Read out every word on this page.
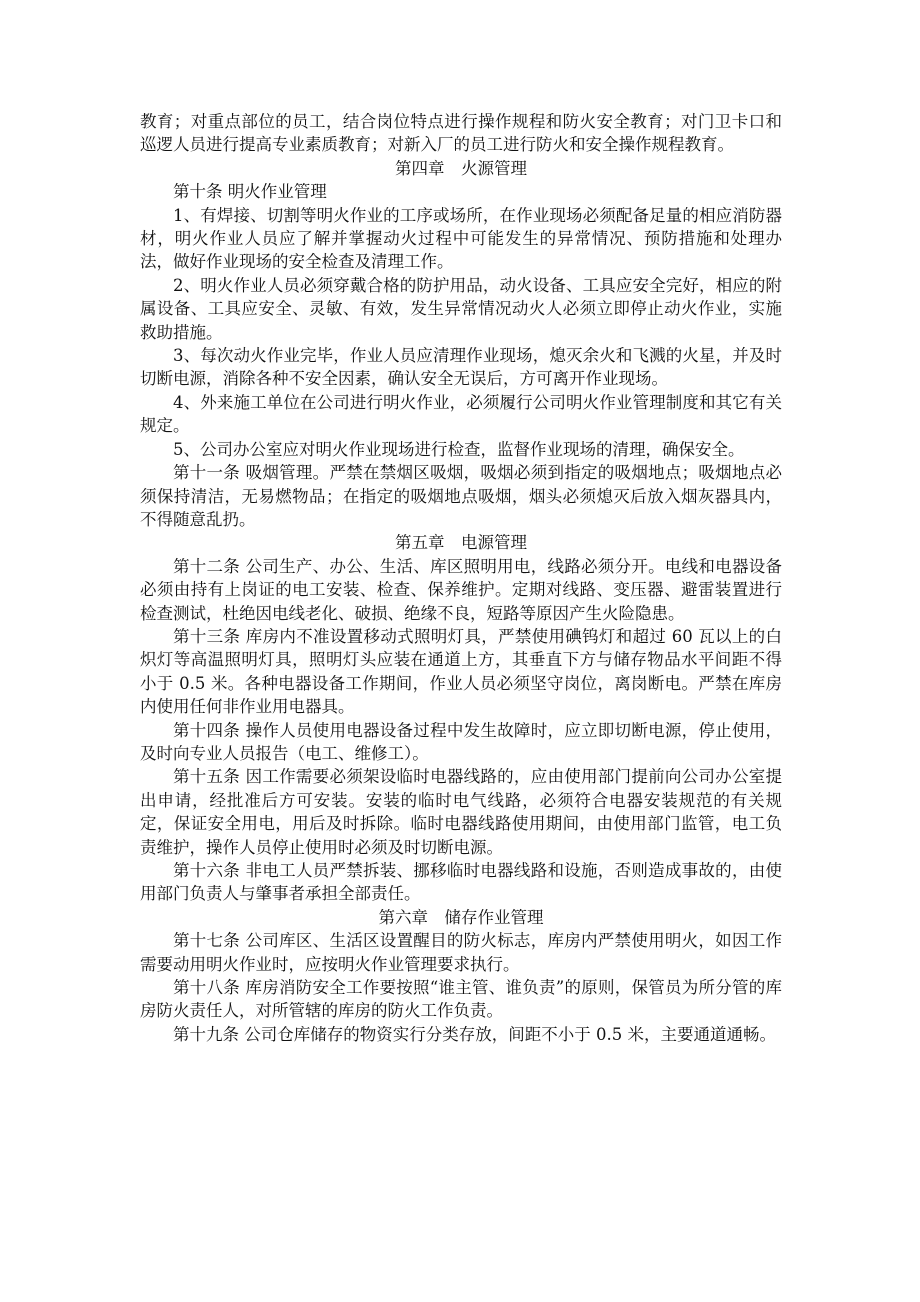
教育；对重点部位的员工，结合岗位特点进行操作规程和防火安全教育；对门卫卡口和巡逻人员进行提高专业素质教育；对新入厂的员工进行防火和安全操作规程教育。

第四章　火源管理

第十条 明火作业管理

1、有焊接、切割等明火作业的工序或场所，在作业现场必须配备足量的相应消防器材，明火作业人员应了解并掌握动火过程中可能发生的异常情况、预防措施和处理办法，做好作业现场的安全检查及清理工作。

2、明火作业人员必须穿戴合格的防护用品，动火设备、工具应安全完好，相应的附属设备、工具应安全、灵敏、有效，发生异常情况动火人必须立即停止动火作业，实施救助措施。

3、每次动火作业完毕，作业人员应清理作业现场，熄灭余火和飞溅的火星，并及时切断电源，消除各种不安全因素，确认安全无误后，方可离开作业现场。

4、外来施工单位在公司进行明火作业，必须履行公司明火作业管理制度和其它有关规定。

5、公司办公室应对明火作业现场进行检查，监督作业现场的清理，确保安全。

第十一条 吸烟管理。严禁在禁烟区吸烟，吸烟必须到指定的吸烟地点；吸烟地点必须保持清洁，无易燃物品；在指定的吸烟地点吸烟，烟头必须熄灭后放入烟灰器具内，不得随意乱扔。

第五章　电源管理

第十二条 公司生产、办公、生活、库区照明用电，线路必须分开。电线和电器设备必须由持有上岗证的电工安装、检查、保养维护。定期对线路、变压器、避雷装置进行检查测试，杜绝因电线老化、破损、绝缘不良，短路等原因产生火险隐患。

第十三条 库房内不准设置移动式照明灯具，严禁使用碘钨灯和超过 60 瓦以上的白炽灯等高温照明灯具，照明灯头应装在通道上方，其垂直下方与储存物品水平间距不得小于 0.5 米。各种电器设备工作期间，作业人员必须坚守岗位，离岗断电。严禁在库房内使用任何非作业用电器具。

第十四条 操作人员使用电器设备过程中发生故障时，应立即切断电源，停止使用，及时向专业人员报告（电工、维修工）。

第十五条 因工作需要必须架设临时电器线路的，应由使用部门提前向公司办公室提出申请，经批准后方可安装。安装的临时电气线路，必须符合电器安装规范的有关规定，保证安全用电，用后及时拆除。临时电器线路使用期间，由使用部门监管，电工负责维护，操作人员停止使用时必须及时切断电源。

第十六条 非电工人员严禁拆装、挪移临时电器线路和设施，否则造成事故的，由使用部门负责人与肇事者承担全部责任。

第六章　储存作业管理

第十七条 公司库区、生活区设置醒目的防火标志，库房内严禁使用明火，如因工作需要动用明火作业时，应按明火作业管理要求执行。

第十八条 库房消防安全工作要按照“谁主管、谁负责”的原则，保管员为所分管的库房防火责任人，对所管辖的库房的防火工作负责。

第十九条 公司仓库储存的物资实行分类存放，间距不小于 0.5 米，主要通道通畅。
